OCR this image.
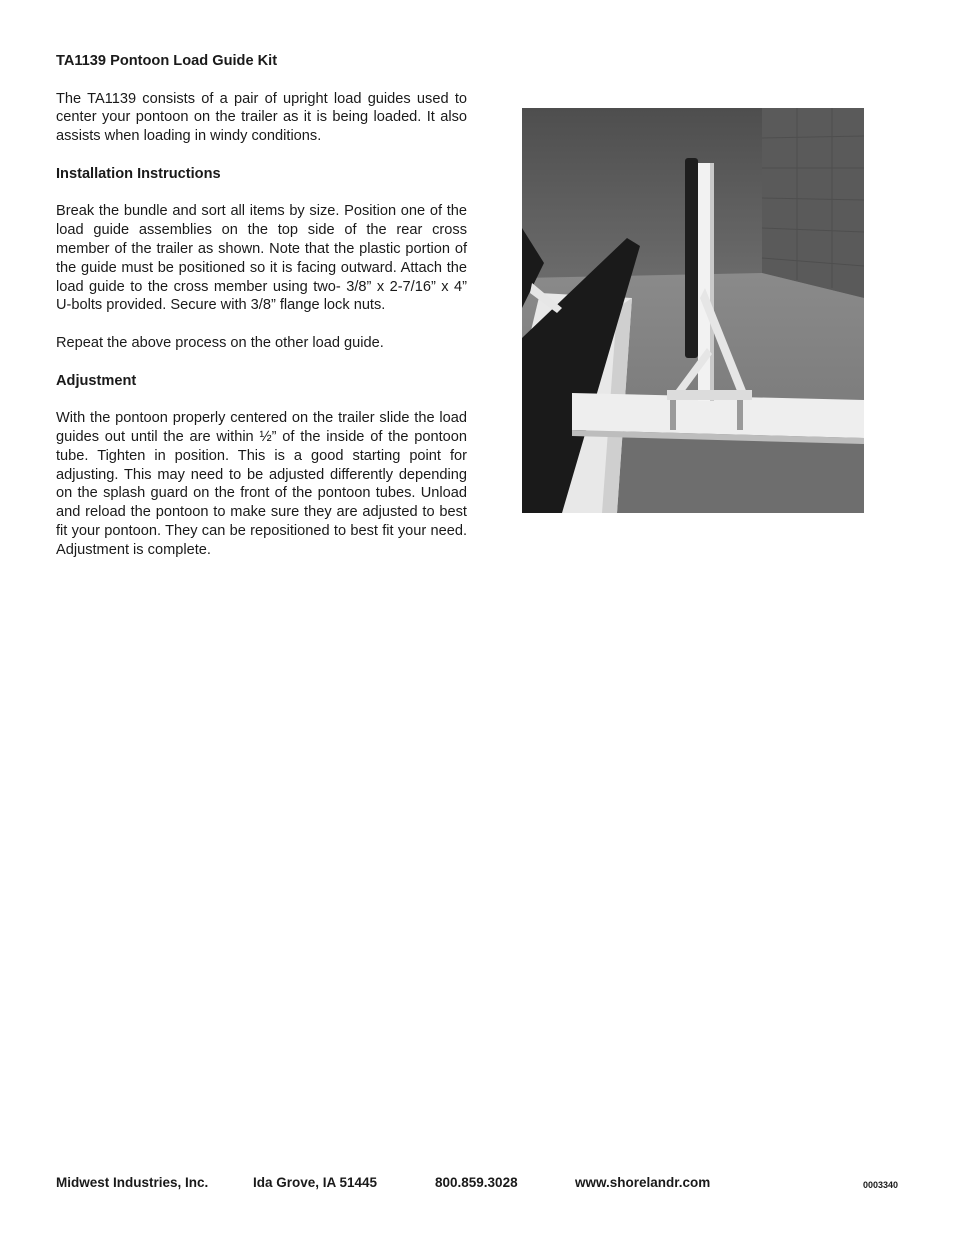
TA1139 Pontoon Load Guide Kit

The TA1139 consists of a pair of upright load guides used to center your pontoon on the trailer as it is being loaded. It also assists when loading in windy conditions.

Installation Instructions

Break the bundle and sort all items by size. Position one of the load guide assemblies on the top side of the rear cross member of the trailer as shown. Note that the plastic portion of the guide must be positioned so it is facing outward. Attach the load guide to the cross member using two- 3/8” x 2-7/16” x 4” U-bolts provided. Secure with 3/8” flange lock nuts.

Repeat the above process on the other load guide.

Adjustment

With the pontoon properly centered on the trailer slide the load guides out until the are within ½” of the inside of the pontoon tube. Tighten in position. This is a good starting point for adjusting. This may need to be adjusted differently depending on the splash guard on the front of the pontoon tubes. Unload and reload the pontoon to make sure they are adjusted to best fit your pontoon. They can be repositioned to best fit your need. Adjustment is complete.

Midwest Industries, Inc.	Ida Grove, IA 51445	800.859.3028	www.shorelandr.com	0003340
